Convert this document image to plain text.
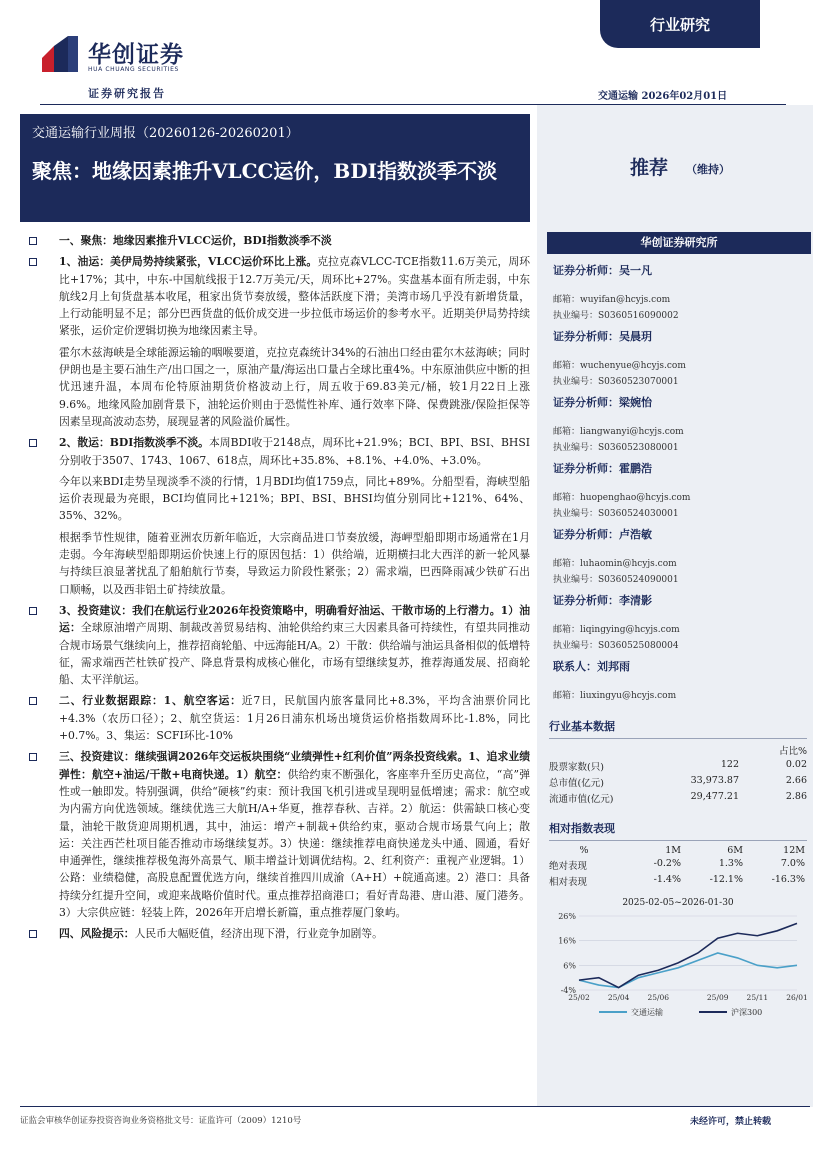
华创证券
HUA CHUANG SECURITIES
行业研究
证券研究报告	交通运输 2026年02月01日
交通运输行业周报（20260126-20260201）
聚焦：地缘因素推升VLCC运价，BDI指数淡季不淡	推荐 （维持）
华创证券研究所
证券分析师：吴一凡
邮箱：wuyifan@hcyjs.com
执业编号：S0360516090002
证券分析师：吴晨玥
邮箱：wuchenyue@hcyjs.com
执业编号：S0360523070001
证券分析师：梁婉怡
邮箱：liangwanyi@hcyjs.com
执业编号：S0360523080001
证券分析师：霍鹏浩
邮箱：huopenghao@hcyjs.com
执业编号：S0360524030001
证券分析师：卢浩敏
邮箱：luhaomin@hcyjs.com
执业编号：S0360524090001
证券分析师：李清影
邮箱：liqingying@hcyjs.com
执业编号：S0360525080004
联系人：刘邦雨
邮箱：liuxingyu@hcyjs.com
行业基本数据
占比%
股票家数(只)	122	0.02
总市值(亿元)	33,973.87	2.66
流通市值(亿元)	29,477.21	2.86
相对指数表现
%	1M	6M	12M
绝对表现	-0.2%	1.3%	7.0%
相对表现	-1.4%	-12.1%	-16.3%
2025-02-05~2026-01-30
26%
16%
6%
-4%
25/02 25/04 25/06	25/09 25/11 26/01
交通运输	沪深300
一、聚焦：地缘因素推升VLCC运价，BDI指数淡季不淡
1、油运：美伊局势持续紧张，VLCC运价环比上涨。克拉克森VLCC-TCE指数11.6万美元，周环比+17%；其中，中东-中国航线报于12.7万美元/天，周环比+27%。实盘基本面有所走弱，中东航线2月上旬货盘基本收尾，租家出货节奏放缓，整体活跃度下滑；美湾市场几乎没有新增货量，上行动能明显不足；部分巴西货盘的低价成交进一步拉低市场运价的参考水平。近期美伊局势持续紧张，运价定价逻辑切换为地缘因素主导。
霍尔木兹海峡是全球能源运输的咽喉要道，克拉克森统计34%的石油出口经由霍尔木兹海峡；同时伊朗也是主要石油生产/出口国之一，原油产量/海运出口量占全球比重4%。中东原油供应中断的担忧迅速升温，本周布伦特原油期货价格波动上行，周五收于69.83美元/桶，较1月22日上涨9.6%。地缘风险加剧背景下，油轮运价则由于恐慌性补库、通行效率下降、保费跳涨/保险拒保等因素呈现高波动态势，展现显著的风险溢价属性。
2、散运：BDI指数淡季不淡。本周BDI收于2148点，周环比+21.9%；BCI、BPI、BSI、BHSI分别收于3507、1743、1067、618点，周环比+35.8%、+8.1%、+4.0%、+3.0%。
今年以来BDI走势呈现淡季不淡的行情，1月BDI均值1759点，同比+89%。分船型看，海峡型船运价表现最为亮眼，BCI均值同比+121%；BPI、BSI、BHSI均值分别同比+121%、64%、35%、32%。
根据季节性规律，随着亚洲农历新年临近，大宗商品进口节奏放缓，海岬型船即期市场通常在1月走弱。今年海峡型船即期运价快速上行的原因包括：1）供给端，近期横扫北大西洋的新一轮风暴与持续巨浪显著扰乱了船舶航行节奏，导致运力阶段性紧张；2）需求端，巴西降雨减少铁矿石出口顺畅，以及西非铝土矿持续放量。
3、投资建议：我们在航运行业2026年投资策略中，明确看好油运、干散市场的上行潜力。1）油运：全球原油增产周期、制裁改善贸易结构、油轮供给约束三大因素具备可持续性，有望共同推动合规市场景气继续向上，推荐招商轮船、中远海能H/A。2）干散：供给端与油运具备相似的低增特征，需求端西芒杜铁矿投产、降息背景构成核心催化，市场有望继续复苏，推荐海通发展、招商轮船、太平洋航运。
二、行业数据跟踪：1、航空客运：近7日，民航国内旅客量同比+8.3%，平均含油票价同比+4.3%（农历口径）；2、航空货运：1月26日浦东机场出境货运价格指数周环比-1.8%，同比+0.7%。3、集运：SCFI环比-10%
三、投资建议：继续强调2026年交运板块围绕“业绩弹性+红利价值”两条投资线索。1、追求业绩弹性：航空+油运/干散+电商快递。1）航空：供给约束不断强化，客座率升至历史高位，“高”弹性或一触即发。特别强调，供给“硬核”约束：预计我国飞机引进或呈现明显低增速；需求：航空或为内需方向优选领域。继续优选三大航H/A+华夏，推荐春秋、吉祥。2）航运：供需缺口核心变量，油轮干散货迎周期机遇，其中，油运：增产+制裁+供给约束，驱动合规市场景气向上；散运：关注西芒杜项目能否推动市场继续复苏。3）快递：继续推荐电商快递龙头中通、圆通，看好申通弹性，继续推荐极兔海外高景气、顺丰增益计划调优结构。2、红利资产：重视产业逻辑。1）公路：业绩稳健，高股息配置优选方向，继续首推四川成渝（A+H）+皖通高速。2）港口：具备持续分红提升空间，或迎来战略价值时代。重点推荐招商港口；看好青岛港、唐山港、厦门港务。3）大宗供应链：轻装上阵，2026年开启增长新篇，重点推荐厦门象屿。
四、风险提示：人民币大幅贬值，经济出现下滑，行业竞争加剧等。
证监会审核华创证券投资咨询业务资格批文号：证监许可（2009）1210号	未经许可，禁止转载
